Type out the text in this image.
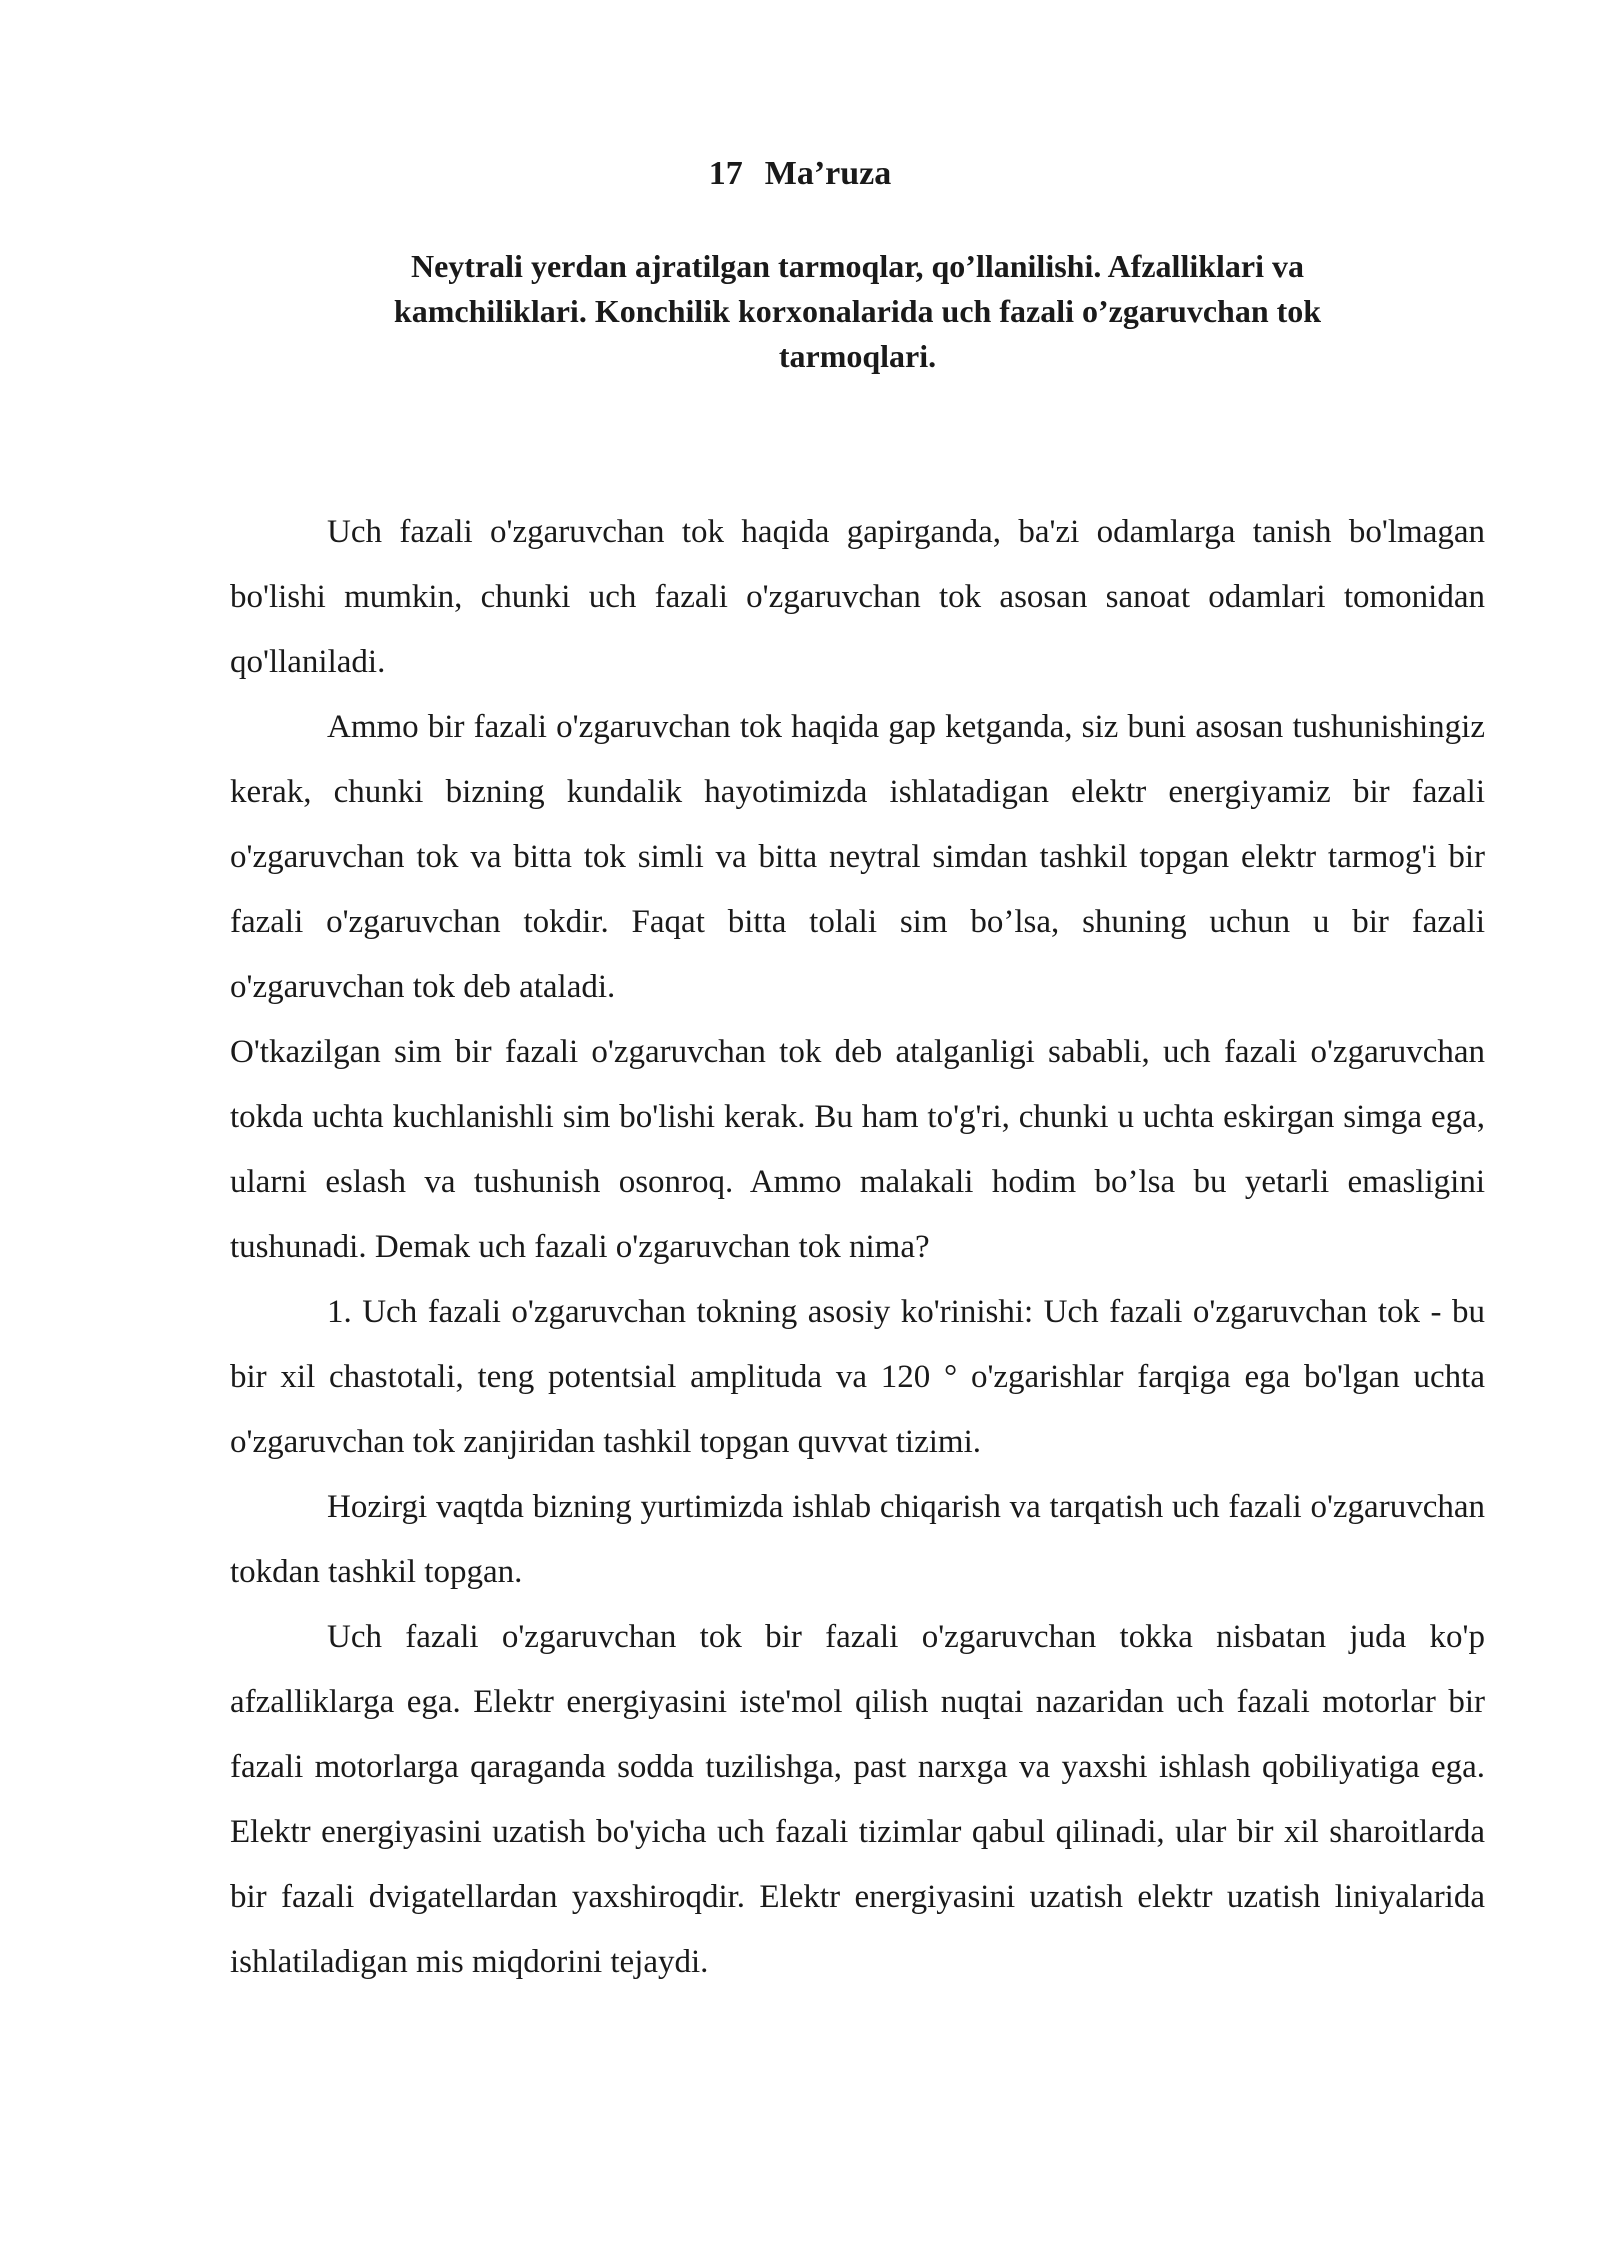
17 Ma’ruza
Neytrali yerdan ajratilgan tarmoqlar, qo’llanilishi. Afzalliklari va
kamchiliklari. Konchilik korxonalarida uch fazali o’zgaruvchan tok
tarmoqlari.

Uch fazali o'zgaruvchan tok haqida gapirganda, ba'zi odamlarga tanish bo'lmagan bo'lishi mumkin, chunki uch fazali o'zgaruvchan tok asosan sanoat odamlari tomonidan qo'llaniladi.

Ammo bir fazali o'zgaruvchan tok haqida gap ketganda, siz buni asosan tushunishingiz kerak, chunki bizning kundalik hayotimizda ishlatadigan elektr energiyamiz bir fazali o'zgaruvchan tok va bitta tok simli va bitta neytral simdan tashkil topgan elektr tarmog'i bir fazali o'zgaruvchan tokdir. Faqat bitta tolali sim bo’lsa, shuning uchun u bir fazali o'zgaruvchan tok deb ataladi.

O'tkazilgan sim bir fazali o'zgaruvchan tok deb atalganligi sababli, uch fazali o'zgaruvchan tokda uchta kuchlanishli sim bo'lishi kerak. Bu ham to'g'ri, chunki u uchta eskirgan simga ega, ularni eslash va tushunish osonroq. Ammo malakali hodim bo’lsa bu yetarli emasligini tushunadi. Demak uch fazali o'zgaruvchan tok nima?

1. Uch fazali o'zgaruvchan tokning asosiy ko'rinishi: Uch fazali o'zgaruvchan tok - bu bir xil chastotali, teng potentsial amplituda va 120 ° o'zgarishlar farqiga ega bo'lgan uchta o'zgaruvchan tok zanjiridan tashkil topgan quvvat tizimi.

Hozirgi vaqtda bizning yurtimizda ishlab chiqarish va tarqatish uch fazali o'zgaruvchan tokdan tashkil topgan.

Uch fazali o'zgaruvchan tok bir fazali o'zgaruvchan tokka nisbatan juda ko'p afzalliklarga ega. Elektr energiyasini iste'mol qilish nuqtai nazaridan uch fazali motorlar bir fazali motorlarga qaraganda sodda tuzilishga, past narxga va yaxshi ishlash qobiliyatiga ega. Elektr energiyasini uzatish bo'yicha uch fazali tizimlar qabul qilinadi, ular bir xil sharoitlarda bir fazali dvigatellardan yaxshiroqdir. Elektr energiyasini uzatish elektr uzatish liniyalarida ishlatiladigan mis miqdorini tejaydi.
